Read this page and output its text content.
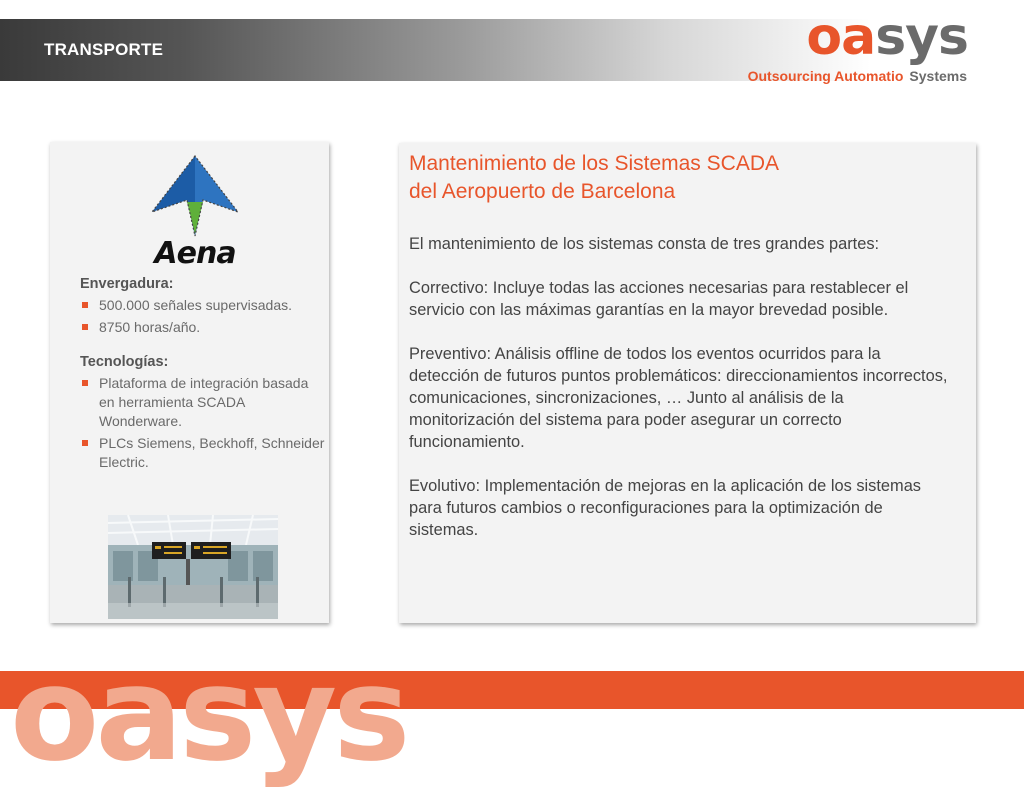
TRANSPORTE	oasys
Outsourcing Automatio Systems
Aena
Envergadura:
500.000 señales supervisadas.
8750 horas/año.
Tecnologías:
Plataforma de integración basada en herramienta SCADA Wonderware.
PLCs Siemens, Beckhoff, Schneider Electric.
Mantenimiento de los Sistemas SCADA
del Aeropuerto de Barcelona

El mantenimiento de los sistemas consta de tres grandes partes:

Correctivo: Incluye todas las acciones necesarias para restablecer el servicio con las máximas garantías en la mayor brevedad posible.

Preventivo: Análisis offline de todos los eventos ocurridos para la detección de futuros puntos problemáticos: direccionamientos incorrectos, comunicaciones, sincronizaciones, … Junto al análisis de la monitorización del sistema para poder asegurar un correcto funcionamiento.

Evolutivo: Implementación de mejoras en la aplicación de los sistemas para futuros cambios o reconfiguraciones para la optimización de sistemas.

oasys
